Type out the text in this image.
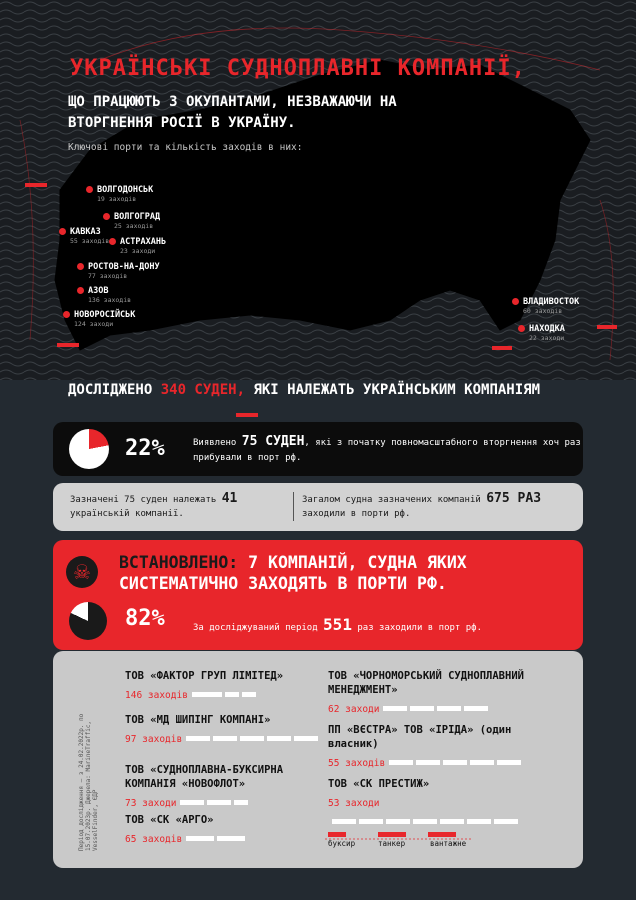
УКРАЇНСЬКІ СУДНОПЛАВНІ КОМПАНІЇ,
ЩО ПРАЦЮЮТЬ З ОКУПАНТАМИ, НЕЗВАЖАЮЧИ НА ВТОРГНЕННЯ РОСІЇ В УКРАЇНУ.
Ключові порти та кількість заходів в них:
ВОЛГОДОНСЬК
19 заходів
ВОЛГОГРАД
25 заходів
КАВКАЗ
55 заходів АСТРАХАНЬ
23 заходи
РОСТОВ-НА-ДОНУ
77 заходів
АЗОВ
136 заходів
НОВОРОСІЙСЬК
124 заходи
ВЛАДИВОСТОК
60 заходів
НАХОДКА
22 заходи
ДОСЛІДЖЕНО 340 СУДЕН, ЯКІ НАЛЕЖАТЬ УКРАЇНСЬКИМ КОМПАНІЯМ
22%	Виявлено 75 СУДЕН, які з початку повномасштабного вторгнення хоч раз прибували в порт рф.
Зазначені 75 суден належать 41 українській компанії.
Загалом судна зазначених компаній 675 РАЗ заходили в порти рф.
☠	ВСТАНОВЛЕНО: 7 КОМПАНІЙ, СУДНА ЯКИХ СИСТЕМАТИЧНО ЗАХОДЯТЬ В ПОРТИ РФ.
82%	За досліджуваний період 551 раз заходили в порт рф.
Період дослідження — з 24.02.2022р. по 15.07.2023р. Джерела: MarineTraffic, VesselFinder, ЄДР
ТОВ «ФАКТОР ГРУП ЛІМІТЕД»
146 заходів
ТОВ «МД ШИПІНГ КОМПАНІ»
97 заходів
ТОВ «СУДНОПЛАВНА-БУКСИРНА КОМПАНІЯ «НОВОФЛОТ»
73 заходи
ТОВ «СК «АРГО»
65 заходів
ТОВ «ЧОРНОМОРСЬКИЙ СУДНОПЛАВНИЙ МЕНЕДЖМЕНТ»
62 заходи
ПП «ВЄСТРА» ТОВ «ІРІДА» (один власник)
55 заходів
ТОВ «СК ПРЕСТИЖ»
53 заходи
буксир	танкер	вантажне
